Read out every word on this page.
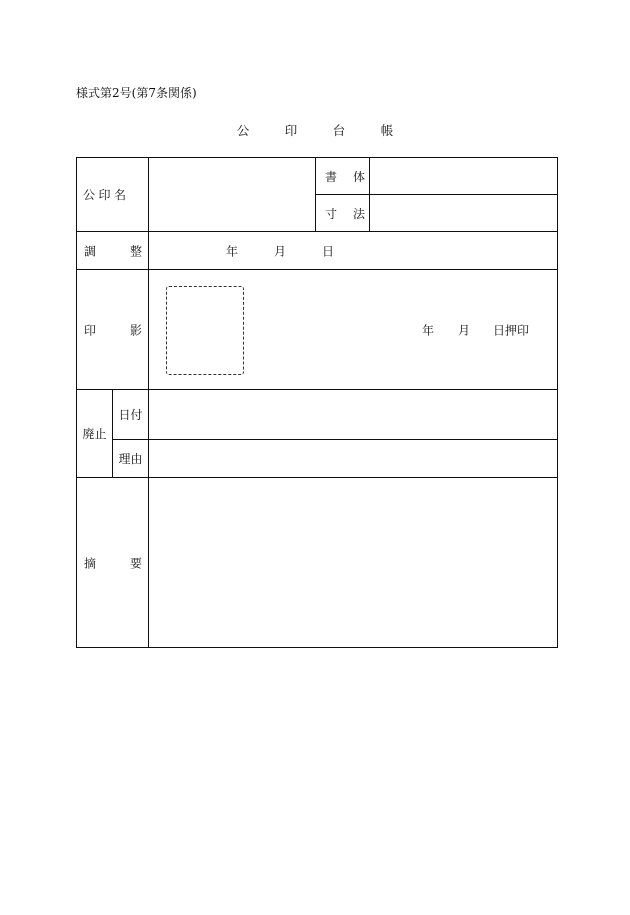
様式第2号(第7条関係)
公	印	台	帳
公 印 名			書 体	

			寸 法	

調 整		年 月 日		

印 影		年 月 日押印		

廃止	日付			
	理由			

摘 要				
